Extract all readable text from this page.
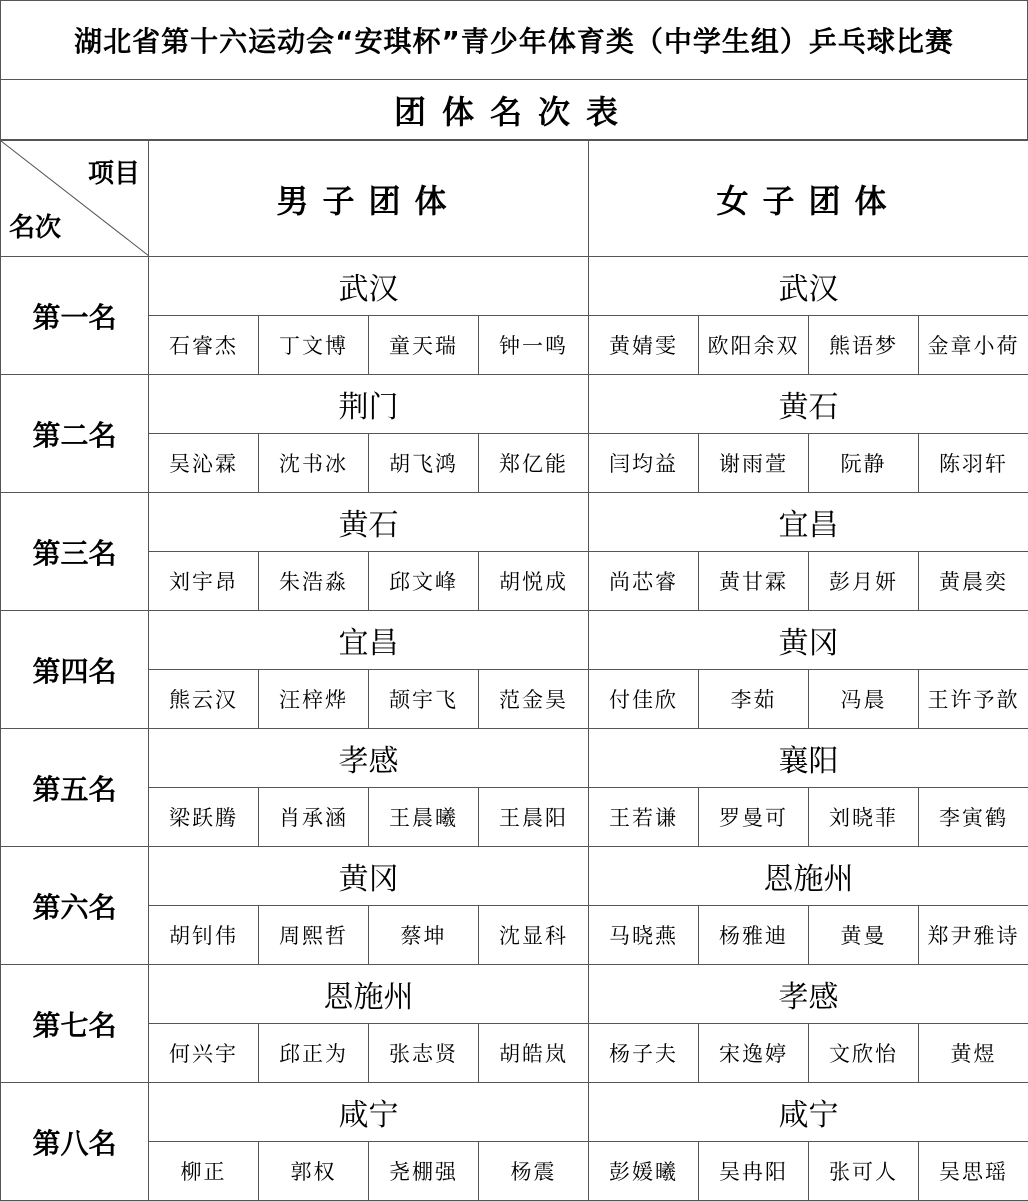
湖北省第十六运动会“安琪杯”青少年体育类（中学生组）乒乓球比赛
团体名次表
项目
名次	男子团体				女子团体			
第一名	武汉				武汉			
	石睿杰	丁文博	童天瑞	钟一鸣	黄婧雯	欧阳余双	熊语梦	金章小荷
第二名	荆门				黄石			
	吴沁霖	沈书冰	胡飞鸿	郑亿能	闫均益	谢雨萱	阮静	陈羽轩
第三名	黄石				宜昌			
	刘宇昂	朱浩淼	邱文峰	胡悦成	尚芯睿	黄甘霖	彭月妍	黄晨奕
第四名	宜昌				黄冈			
	熊云汉	汪梓烨	颉宇飞	范金昊	付佳欣	李茹	冯晨	王许予歆
第五名	孝感				襄阳			
	梁跃腾	肖承涵	王晨曦	王晨阳	王若谦	罗曼可	刘晓菲	李寅鹤
第六名	黄冈				恩施州			
	胡钊伟	周熙哲	蔡坤	沈显科	马晓燕	杨雅迪	黄曼	郑尹雅诗
第七名	恩施州				孝感			
	何兴宇	邱正为	张志贤	胡皓岚	杨子夫	宋逸婷	文欣怡	黄煜
第八名	咸宁				咸宁			
	柳正	郭权	尧棚强	杨震	彭媛曦	吴冉阳	张可人	吴思瑶
